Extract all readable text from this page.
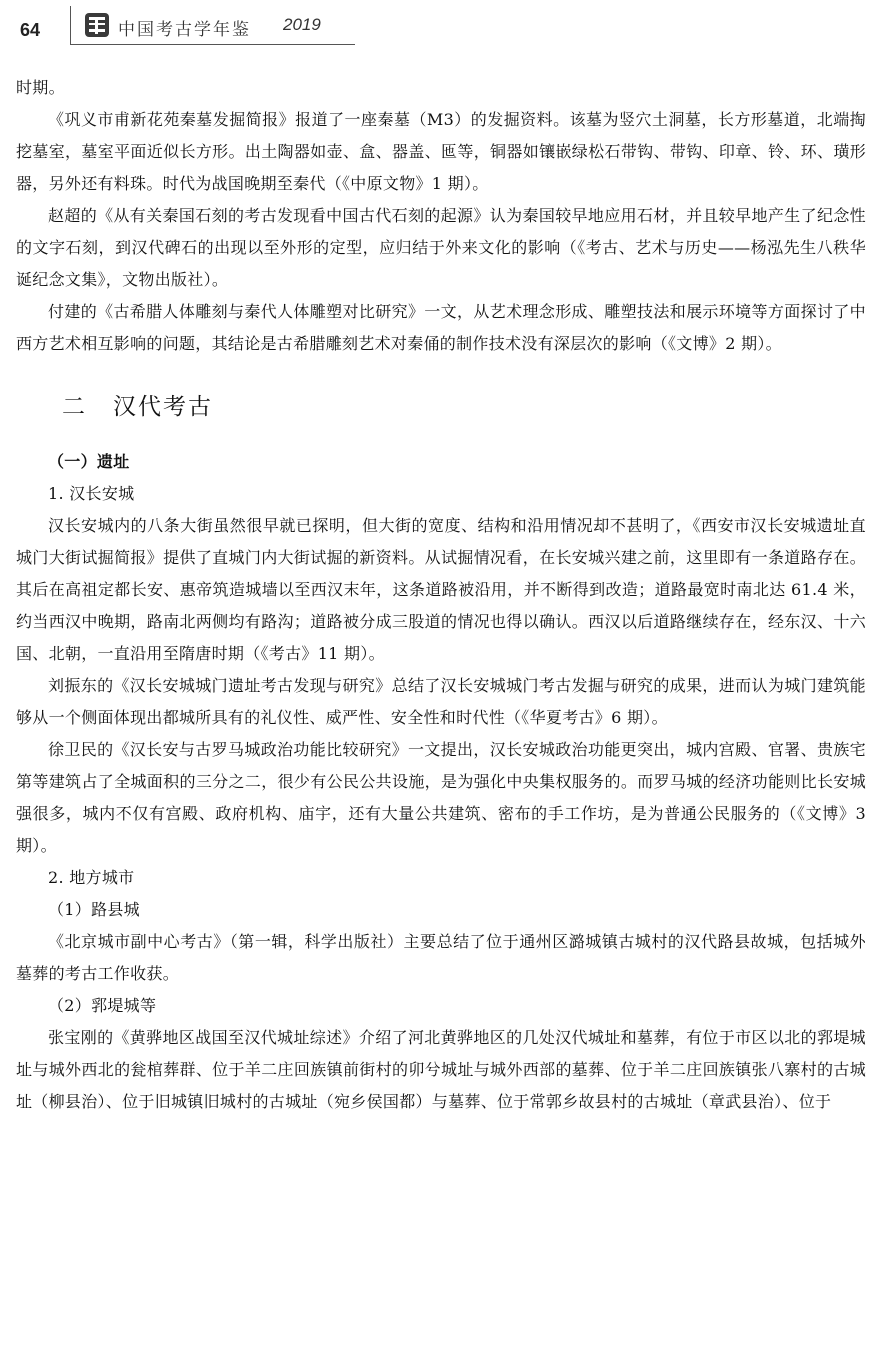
64	中国考古学年鉴 2019

时期。

《巩义市甫新花苑秦墓发掘简报》报道了一座秦墓（M3）的发掘资料。该墓为竖穴土洞墓，长方形墓道，北端掏挖墓室，墓室平面近似长方形。出土陶器如壶、盒、器盖、匜等，铜器如镶嵌绿松石带钩、带钩、印章、铃、环、璜形器，另外还有料珠。时代为战国晚期至秦代（《中原文物》1 期）。

赵超的《从有关秦国石刻的考古发现看中国古代石刻的起源》认为秦国较早地应用石材，并且较早地产生了纪念性的文字石刻，到汉代碑石的出现以至外形的定型，应归结于外来文化的影响（《考古、艺术与历史——杨泓先生八秩华诞纪念文集》，文物出版社）。

付建的《古希腊人体雕刻与秦代人体雕塑对比研究》一文，从艺术理念形成、雕塑技法和展示环境等方面探讨了中西方艺术相互影响的问题，其结论是古希腊雕刻艺术对秦俑的制作技术没有深层次的影响（《文博》2 期）。

二 汉代考古

（一）遗址

1. 汉长安城

汉长安城内的八条大街虽然很早就已探明，但大街的宽度、结构和沿用情况却不甚明了，《西安市汉长安城遗址直城门大街试掘简报》提供了直城门内大街试掘的新资料。从试掘情况看，在长安城兴建之前，这里即有一条道路存在。其后在高祖定都长安、惠帝筑造城墙以至西汉末年，这条道路被沿用，并不断得到改造；道路最宽时南北达 61.4 米，约当西汉中晚期，路南北两侧均有路沟；道路被分成三股道的情况也得以确认。西汉以后道路继续存在，经东汉、十六国、北朝，一直沿用至隋唐时期（《考古》11 期）。

刘振东的《汉长安城城门遗址考古发现与研究》总结了汉长安城城门考古发掘与研究的成果，进而认为城门建筑能够从一个侧面体现出都城所具有的礼仪性、威严性、安全性和时代性（《华夏考古》6 期）。

徐卫民的《汉长安与古罗马城政治功能比较研究》一文提出，汉长安城政治功能更突出，城内宫殿、官署、贵族宅第等建筑占了全城面积的三分之二，很少有公民公共设施，是为强化中央集权服务的。而罗马城的经济功能则比长安城强很多，城内不仅有宫殿、政府机构、庙宇，还有大量公共建筑、密布的手工作坊，是为普通公民服务的（《文博》3 期）。

2. 地方城市

（1）路县城

《北京城市副中心考古》（第一辑，科学出版社）主要总结了位于通州区潞城镇古城村的汉代路县故城，包括城外墓葬的考古工作收获。

（2）郛堤城等

张宝刚的《黄骅地区战国至汉代城址综述》介绍了河北黄骅地区的几处汉代城址和墓葬，有位于市区以北的郛堤城址与城外西北的瓮棺葬群、位于羊二庄回族镇前街村的卯兮城址与城外西部的墓葬、位于羊二庄回族镇张八寨村的古城址（柳县治）、位于旧城镇旧城村的古城址（宛乡侯国都）与墓葬、位于常郭乡故县村的古城址（章武县治）、位于
